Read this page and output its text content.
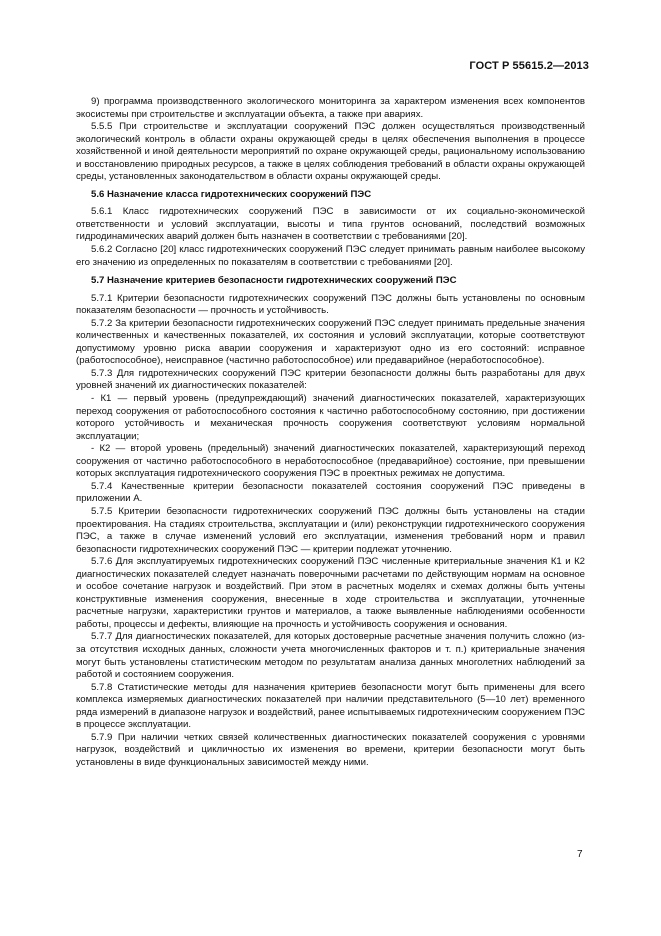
ГОСТ Р 55615.2—2013

9) программа производственного экологического мониторинга за характером изменения всех компонентов экосистемы при строительстве и эксплуатации объекта, а также при авариях.

5.5.5 При строительстве и эксплуатации сооружений ПЭС должен осуществляться производственный экологический контроль в области охраны окружающей среды в целях обеспечения выполнения в процессе хозяйственной и иной деятельности мероприятий по охране окружающей среды, рациональному использованию и восстановлению природных ресурсов, а также в целях соблюдения требований в области охраны окружающей среды, установленных законодательством в области охраны окружающей среды.

5.6 Назначение класса гидротехнических сооружений ПЭС

5.6.1 Класс гидротехнических сооружений ПЭС в зависимости от их социально-экономической ответственности и условий эксплуатации, высоты и типа грунтов оснований, последствий возможных гидродинамических аварий должен быть назначен в соответствии с требованиями [20].

5.6.2 Согласно [20] класс гидротехнических сооружений ПЭС следует принимать равным наиболее высокому его значению из определенных по показателям в соответствии с требованиями [20].

5.7 Назначение критериев безопасности гидротехнических сооружений ПЭС

5.7.1 Критерии безопасности гидротехнических сооружений ПЭС должны быть установлены по основным показателям безопасности — прочность и устойчивость.

5.7.2 За критерии безопасности гидротехнических сооружений ПЭС следует принимать предельные значения количественных и качественных показателей, их состояния и условий эксплуатации, которые соответствуют допустимому уровню риска аварии сооружения и характеризуют одно из его состояний: исправное (работоспособное), неисправное (частично работоспособное) или предаварийное (неработоспособное).

5.7.3 Для гидротехнических сооружений ПЭС критерии безопасности должны быть разработаны для двух уровней значений их диагностических показателей:

- К1 — первый уровень (предупреждающий) значений диагностических показателей, характеризующих переход сооружения от работоспособного состояния к частично работоспособному состоянию, при достижении которого устойчивость и механическая прочность сооружения соответствуют условиям нормальной эксплуатации;

- К2 — второй уровень (предельный) значений диагностических показателей, характеризующий переход сооружения от частично работоспособного в неработоспособное (предаварийное) состояние, при превышении которых эксплуатация гидротехнического сооружения ПЭС в проектных режимах не допустима.

5.7.4 Качественные критерии безопасности показателей состояния сооружений ПЭС приведены в приложении А.

5.7.5 Критерии безопасности гидротехнических сооружений ПЭС должны быть установлены на стадии проектирования. На стадиях строительства, эксплуатации и (или) реконструкции гидротехнического сооружения ПЭС, а также в случае изменений условий его эксплуатации, изменения требований норм и правил безопасности гидротехнических сооружений ПЭС — критерии подлежат уточнению.

5.7.6 Для эксплуатируемых гидротехнических сооружений ПЭС численные критериальные значения К1 и К2 диагностических показателей следует назначать поверочными расчетами по действующим нормам на основное и особое сочетание нагрузок и воздействий. При этом в расчетных моделях и схемах должны быть учтены конструктивные изменения сооружения, внесенные в ходе строительства и эксплуатации, уточненные расчетные нагрузки, характеристики грунтов и материалов, а также выявленные наблюдениями особенности работы, процессы и дефекты, влияющие на прочность и устойчивость сооружения и основания.

5.7.7 Для диагностических показателей, для которых достоверные расчетные значения получить сложно (из-за отсутствия исходных данных, сложности учета многочисленных факторов и т. п.) критериальные значения могут быть установлены статистическим методом по результатам анализа данных многолетних наблюдений за работой и состоянием сооружения.

5.7.8 Статистические методы для назначения критериев безопасности могут быть применены для всего комплекса измеряемых диагностических показателей при наличии представительного (5—10 лет) временного ряда измерений в диапазоне нагрузок и воздействий, ранее испытываемых гидротехническим сооружением ПЭС в процессе эксплуатации.

5.7.9 При наличии четких связей количественных диагностических показателей сооружения с уровнями нагрузок, воздействий и цикличностью их изменения во времени, критерии безопасности могут быть установлены в виде функциональных зависимостей между ними.

7
